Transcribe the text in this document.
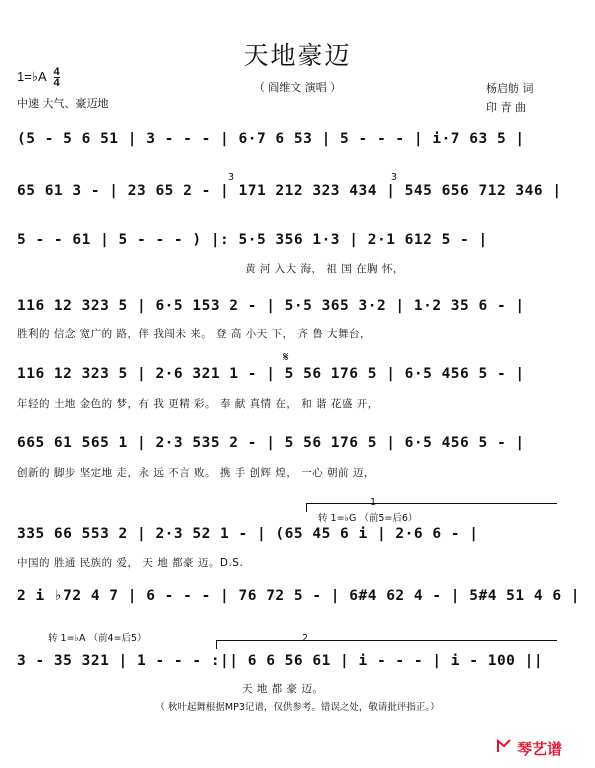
天地豪迈
（ 阎维文 演唱 ）
1=♭A $\frac{4}{4}$
中速 大气、豪迈地
杨启舫 词
印 青 曲
(5 - 5 6 51 | 3 - - - | 6·7 6 53 | 5 - - - | i·7 63 5 |
3	3
65 61 3 - | 23 65 2 - | 171 212 323 434 | 545 656 712 346 |
5 - - 61 | 5 - - - ) |: 5·5 356 1·3 | 2·1 612 5 - |
黄 河 入大 海， 祖 国 在胸 怀，
116 12 323 5 | 6·5 153 2 - | 5·5 365 3·2 | 1·2 35 6 - |
胜利的 信念 宽广的 路，伴 我闯未 来。 登 高 小天 下， 齐 鲁 大舞台，
𝄋
116 12 323 5 | 2·6 321 1 - | 5 56 176 5 | 6·5 456 5 - |
年轻的 土地 金色的 梦，有 我 更精 彩。 奉 献 真情 在， 和 谐 花盛 开，
665 61 565 1 | 2·3 535 2 - | 5 56 176 5 | 6·5 456 5 - |
创新的 脚步 坚定地 走，永 远 不言 败。 携 手 创辉 煌， 一心 朝前 迈，
1
转 1=♭G （前5=后6）
335 66 553 2 | 2·3 52 1 - | (65 45 6 i | 2·6 6 - |
中国的 胜通 民族的 爱， 天 地 都豪 迈。D.S.
2 i ♭72 4 7 | 6 - - - | 76 72 5 - | 6#4 62 4 - | 5#4 51 4 6 |
转 1=♭A （前4=后5）	2
3 - 35 321 | 1 - - - :|| 6 6 56 61 | i - - - | i - 100 ||
天 地 都 豪 迈。
（ 秋叶起舞根据MP3记谱，仅供参考。错误之处，敬请批评指正。）
琴艺谱
